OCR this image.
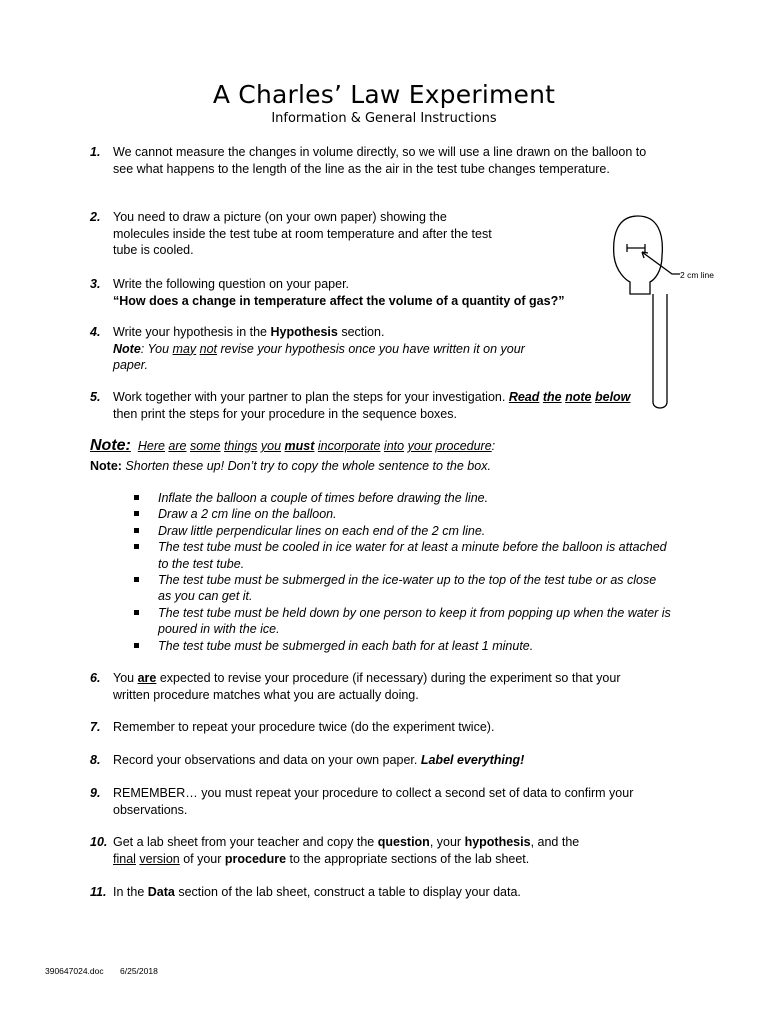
A Charles’ Law Experiment
Information & General Instructions
1. We cannot measure the changes in volume directly, so we will use a line drawn on the balloon to see what happens to the length of the line as the air in the test tube changes temperature.
2. You need to draw a picture (on your own paper) showing the
molecules inside the test tube at room temperature and after the test
tube is cooled.
3. Write the following question on your paper.
“How does a change in temperature affect the volume of a quantity of gas?”
4. Write your hypothesis in the Hypothesis section.
Note: You may not revise your hypothesis once you have written it on your
paper.
5. Work together with your partner to plan the steps for your investigation. Read the note below then print the steps for your procedure in the sequence boxes.
Note: Here are some things you must incorporate into your procedure:
Note: Shorten these up! Don’t try to copy the whole sentence to the box.
Inflate the balloon a couple of times before drawing the line.
Draw a 2 cm line on the balloon.
Draw little perpendicular lines on each end of the 2 cm line.
The test tube must be cooled in ice water for at least a minute before the balloon is attached to the test tube.
The test tube must be submerged in the ice-water up to the top of the test tube or as close as you can get it.
The test tube must be held down by one person to keep it from popping up when the water is poured in with the ice.
The test tube must be submerged in each bath for at least 1 minute.
6. You are expected to revise your procedure (if necessary) during the experiment so that your written procedure matches what you are actually doing.
7. Remember to repeat your procedure twice (do the experiment twice).
8. Record your observations and data on your own paper. Label everything!
9. REMEMBER… you must repeat your procedure to collect a second set of data to confirm your observations.
10. Get a lab sheet from your teacher and copy the question, your hypothesis, and the
final version of your procedure to the appropriate sections of the lab sheet.
11. In the Data section of the lab sheet, construct a table to display your data.
2 cm line
390647024.doc 6/25/2018
